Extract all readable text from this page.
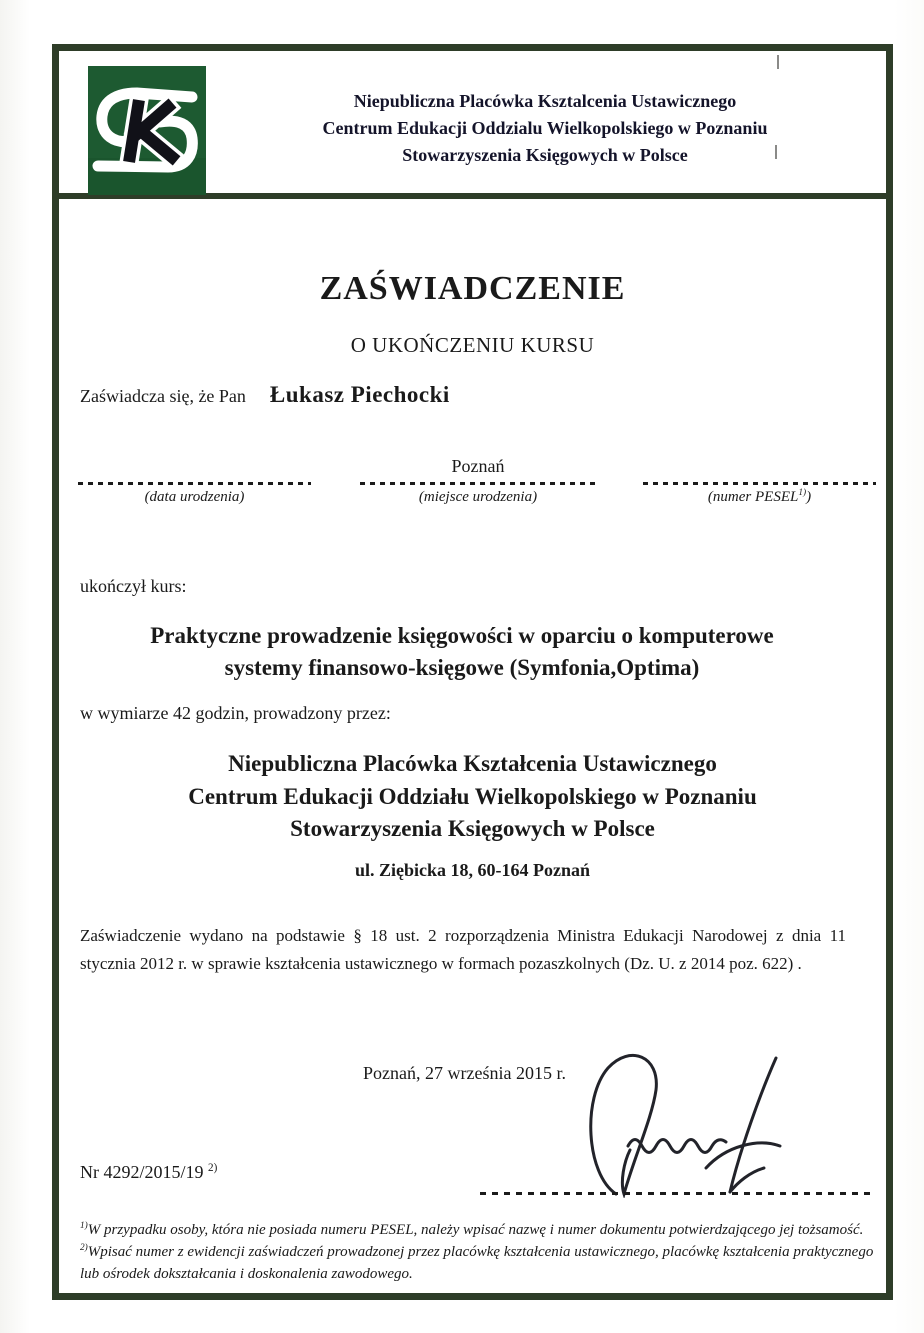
Niepubliczna Placówka Ksztalcenia Ustawicznego
Centrum Edukacji Oddzialu Wielkopolskiego w Poznaniu
Stowarzyszenia Księgowych w Polsce
ZAŚWIADCZENIE
O UKOŃCZENIU KURSU
Zaświadcza się, że Pan Łukasz Piechocki
(data urodzenia)
Poznań
(miejsce urodzenia)	(numer PESEL$^{1)}$)
ukończył kurs:
Praktyczne prowadzenie księgowości w oparciu o komputerowe
systemy finansowo-księgowe (Symfonia,Optima)
w wymiarze 42 godzin, prowadzony przez:
Niepubliczna Placówka Kształcenia Ustawicznego
Centrum Edukacji Oddziału Wielkopolskiego w Poznaniu
Stowarzyszenia Księgowych w Polsce
ul. Ziębicka 18, 60-164 Poznań
Zaświadczenie wydano na podstawie § 18 ust. 2 rozporządzenia Ministra Edukacji Narodowej z dnia 11 stycznia 2012 r. w sprawie kształcenia ustawicznego w formach pozaszkolnych (Dz. U. z 2014 poz. 622) .
Poznań, 27 września 2015 r.
Nr 4292/2015/19 $^{2)}$

$^{1)}$W przypadku osoby, która nie posiada numeru PESEL, należy wpisać nazwę i numer dokumentu potwierdzającego jej tożsamość.

$^{2)}$Wpisać numer z ewidencji zaświadczeń prowadzonej przez placówkę kształcenia ustawicznego, placówkę kształcenia praktycznego lub ośrodek dokształcania i doskonalenia zawodowego.
